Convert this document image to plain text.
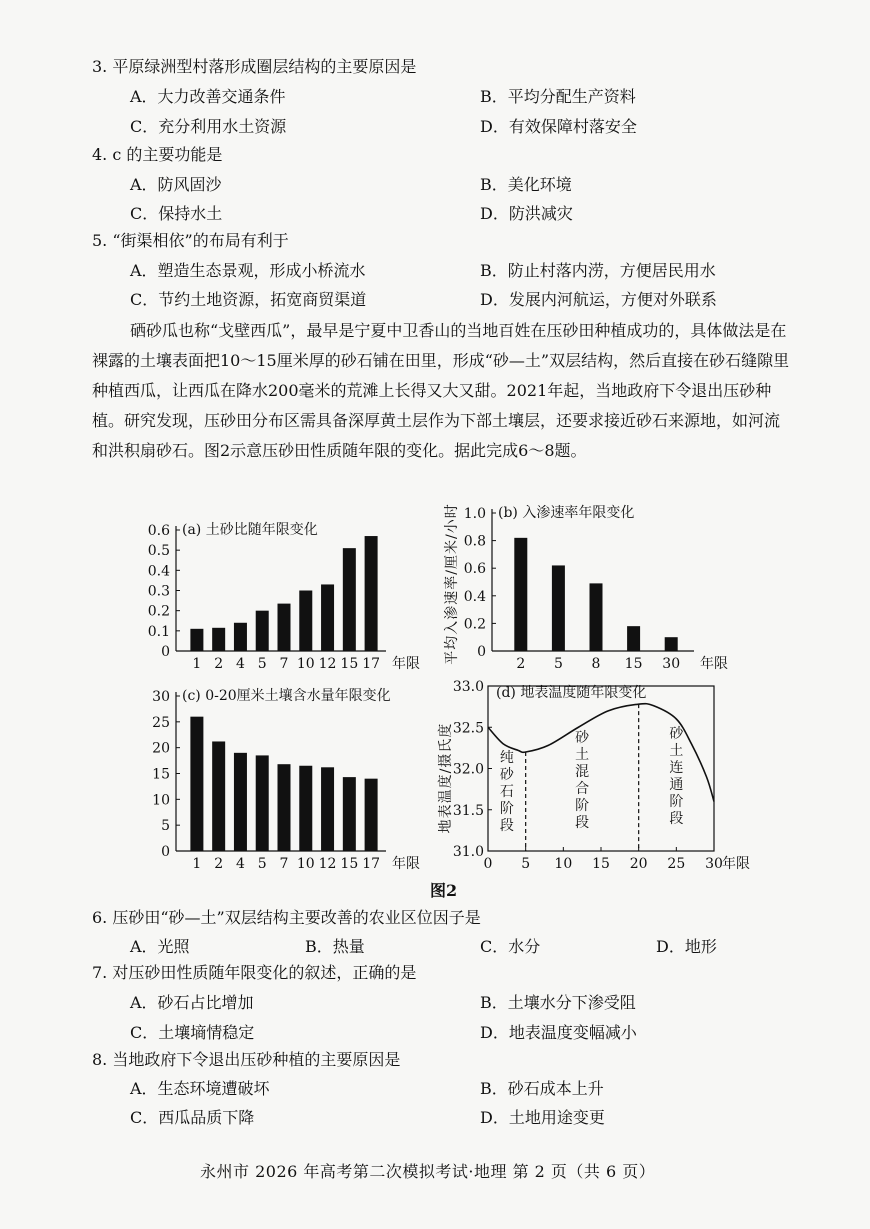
3. 平原绿洲型村落形成圈层结构的主要原因是
A．大力改善交通条件	B．平均分配生产资料
C．充分利用水土资源	D．有效保障村落安全
4. c 的主要功能是
A．防风固沙	B．美化环境
C．保持水土	D．防洪减灾
5. “街渠相依”的布局有利于
A．塑造生态景观，形成小桥流水	B．防止村落内涝，方便居民用水
C．节约土地资源，拓宽商贸渠道	D．发展内河航运，方便对外联系
硒砂瓜也称“戈壁西瓜”，最早是宁夏中卫香山的当地百姓在压砂田种植成功的，具体做法是在裸露的土壤表面把10～15厘米厚的砂石铺在田里，形成“砂—土”双层结构，然后直接在砂石缝隙里种植西瓜，让西瓜在降水200毫米的荒滩上长得又大又甜。2021年起，当地政府下令退出压砂种植。研究发现，压砂田分布区需具备深厚黄土层作为下部土壤层，还要求接近砂石来源地，如河流和洪积扇砂石。图2示意压砂田性质随年限的变化。据此完成6～8题。
0
0.1
0.2
0.3
0.4
0.5
0.6
1 2 4 5 7 10 12 15 17 年限
(a) 土砂比随年限变化
0
0.2
0.4
0.6
0.8
1.0
2 5 8 15 30 年限
(b) 入渗速率年限变化
平均入渗速率/厘米/小时
0
5
10
15
20
25
30
1 2 4 5 7 10 12 15 17 年限
(c) 0-20厘米土壤含水量年限变化
31.0
31.5
32.0
32.5
33.0
0 5 10 15 20 25 30 年限
(d) 地表温度随年限变化
地表温度/摄氏度	纯砂石阶段
砂土混合阶段
砂土连通阶段
图2
6. 压砂田“砂—土”双层结构主要改善的农业区位因子是
A．光照	B．热量	C．水分	D．地形
7. 对压砂田性质随年限变化的叙述，正确的是
A．砂石占比增加	B．土壤水分下渗受阻
C．土壤墒情稳定	D．地表温度变幅减小
8. 当地政府下令退出压砂种植的主要原因是
A．生态环境遭破坏	B．砂石成本上升
C．西瓜品质下降	D．土地用途变更
永州市 2026 年高考第二次模拟考试·地理 第 2 页（共 6 页）
